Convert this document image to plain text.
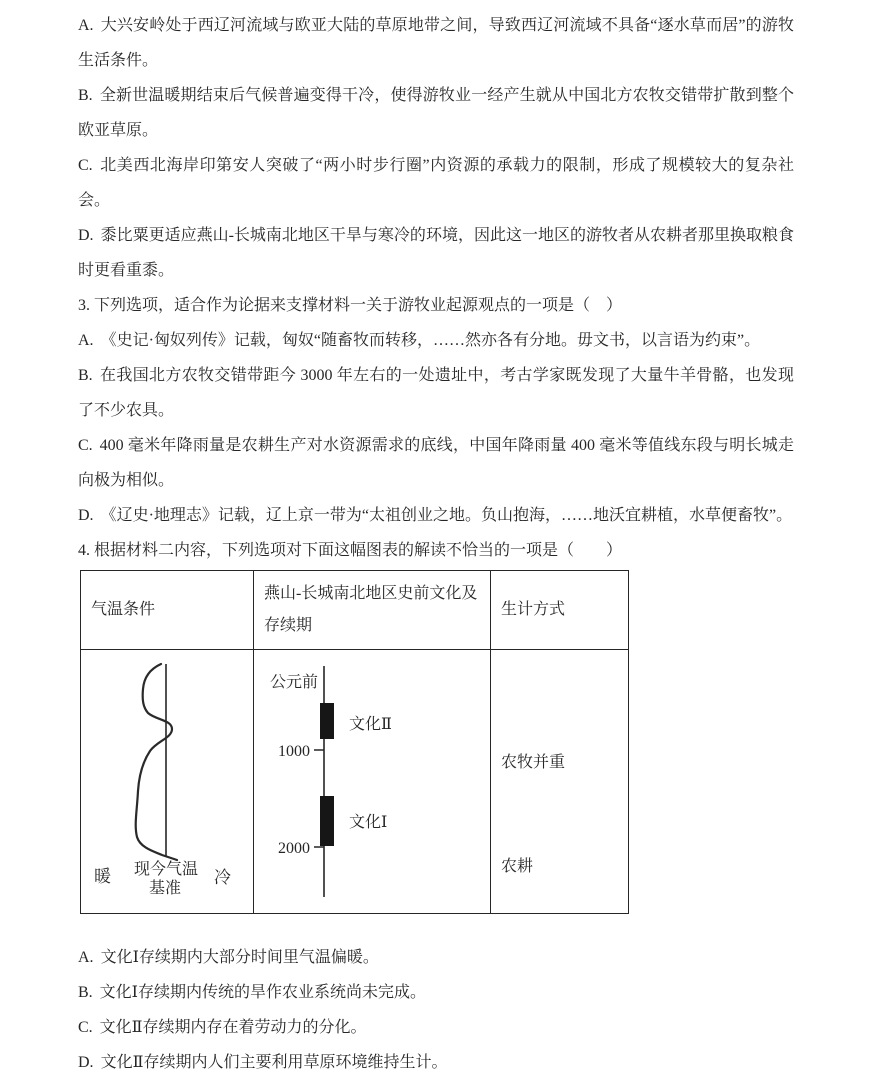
A. 大兴安岭处于西辽河流域与欧亚大陆的草原地带之间，导致西辽河流域不具备“逐水草而居”的游牧生活条件。

B. 全新世温暖期结束后气候普遍变得干冷，使得游牧业一经产生就从中国北方农牧交错带扩散到整个欧亚草原。

C. 北美西北海岸印第安人突破了“两小时步行圈”内资源的承载力的限制，形成了规模较大的复杂社会。

D. 黍比粟更适应燕山-长城南北地区干旱与寒冷的环境，因此这一地区的游牧者从农耕者那里换取粮食时更看重黍。

3. 下列选项，适合作为论据来支撑材料一关于游牧业起源观点的一项是（　）

A. 《史记·匈奴列传》记载，匈奴“随畜牧而转移，……然亦各有分地。毋文书，以言语为约束”。

B. 在我国北方农牧交错带距今 3000 年左右的一处遗址中，考古学家既发现了大量牛羊骨骼，也发现了不少农具。

C. 400 毫米年降雨量是农耕生产对水资源需求的底线，中国年降雨量 400 毫米等值线东段与明长城走向极为相似。

D. 《辽史·地理志》记载，辽上京一带为“太祖创业之地。负山抱海，……地沃宜耕植，水草便畜牧”。

4. 根据材料二内容，下列选项对下面这幅图表的解读不恰当的一项是（　　）

气温条件	燕山-长城南北地区史前文化及存续期	生计方式

暖 现今气温
基准
冷

公元前
文化Ⅱ
1000
文化Ⅰ
2000

农牧并重
农耕

A. 文化Ⅰ存续期内大部分时间里气温偏暖。

B. 文化Ⅰ存续期内传统的旱作农业系统尚未完成。

C. 文化Ⅱ存续期内存在着劳动力的分化。

D. 文化Ⅱ存续期内人们主要利用草原环境维持生计。
